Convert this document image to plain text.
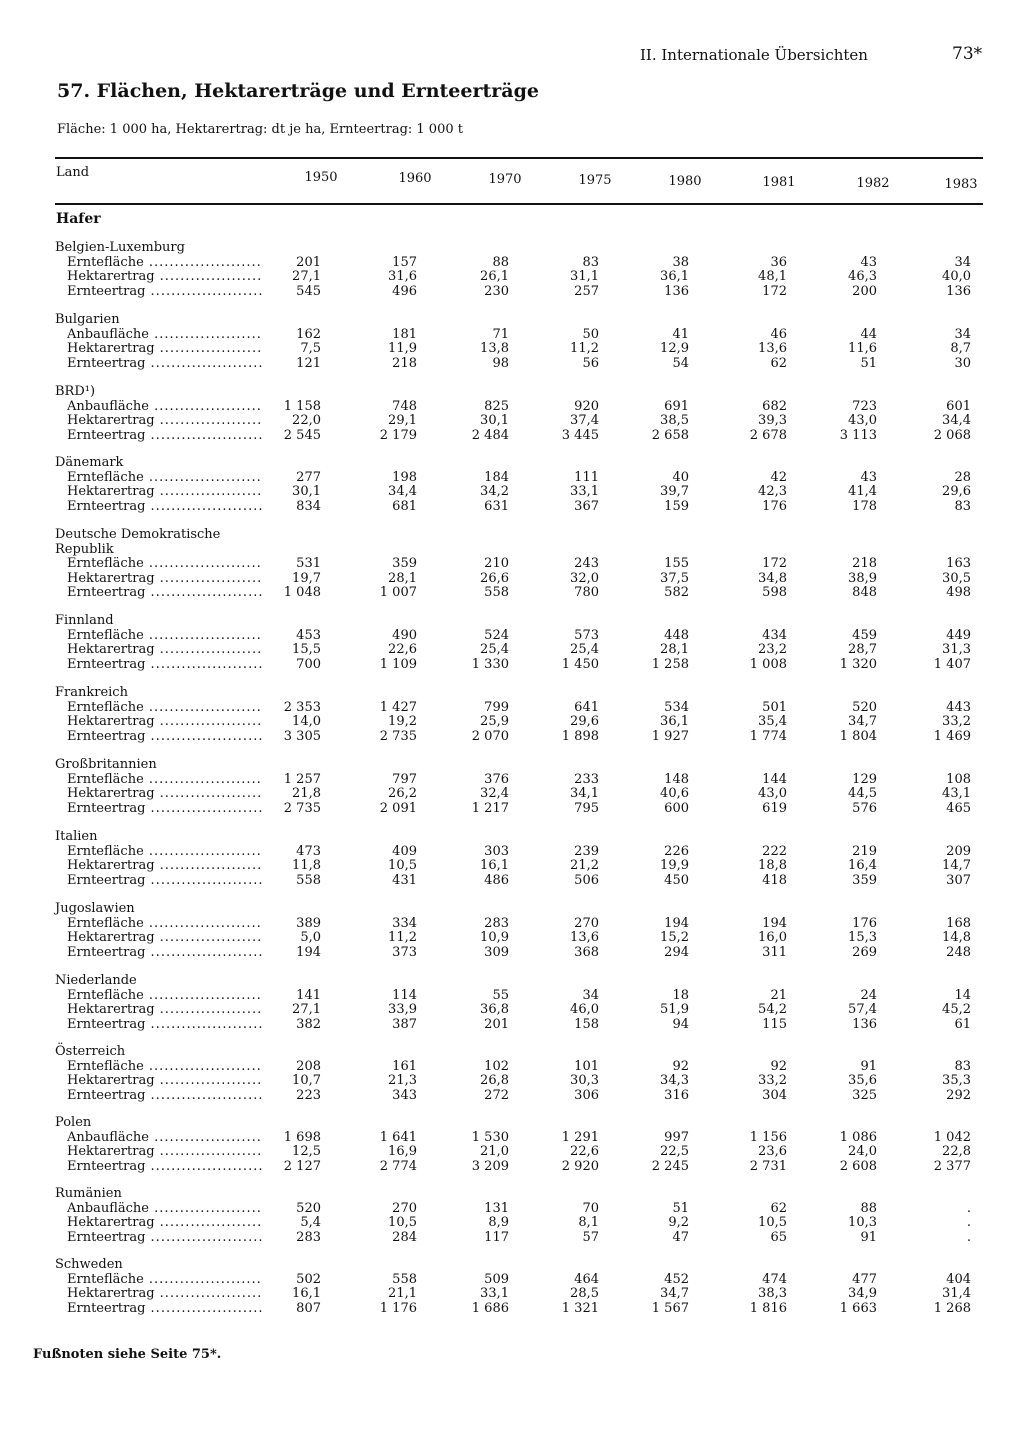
II. Internationale Übersichten	73*
57. Flächen, Hektarerträge und Ernteerträge
Fläche: 1 000 ha, Hektarertrag: dt je ha, Ernteertrag: 1 000 t
Land	1950	1960	1970	1975	1980	1981	1982	1983
Hafer
Belgien-Luxemburg
Erntefläche .....	201	157	88	83	38	36	43	34
Hektarertrag .....	27,1	31,6	26,1	31,1	36,1	48,1	46,3	40,0
Ernteertrag .....	545	496	230	257	136	172	200	136
Bulgarien
Anbaufläche .....	162	181	71	50	41	46	44	34
Hektarertrag .....	7,5	11,9	13,8	11,2	12,9	13,6	11,6	8,7
Ernteertrag .....	121	218	98	56	54	62	51	30
BRD¹)
Anbaufläche .....	1 158	748	825	920	691	682	723	601
Hektarertrag .....	22,0	29,1	30,1	37,4	38,5	39,3	43,0	34,4
Ernteertrag .....	2 545	2 179	2 484	3 445	2 658	2 678	3 113	2 068
Dänemark
Erntefläche .....	277	198	184	111	40	42	43	28
Hektarertrag .....	30,1	34,4	34,2	33,1	39,7	42,3	41,4	29,6
Ernteertrag .....	834	681	631	367	159	176	178	83
Deutsche Demokratische
Republik
Erntefläche .....	531	359	210	243	155	172	218	163
Hektarertrag .....	19,7	28,1	26,6	32,0	37,5	34,8	38,9	30,5
Ernteertrag .....	1 048	1 007	558	780	582	598	848	498
Finnland
Erntefläche .....	453	490	524	573	448	434	459	449
Hektarertrag .....	15,5	22,6	25,4	25,4	28,1	23,2	28,7	31,3
Ernteertrag .....	700	1 109	1 330	1 450	1 258	1 008	1 320	1 407
Frankreich
Erntefläche .....	2 353	1 427	799	641	534	501	520	443
Hektarertrag .....	14,0	19,2	25,9	29,6	36,1	35,4	34,7	33,2
Ernteertrag .....	3 305	2 735	2 070	1 898	1 927	1 774	1 804	1 469
Großbritannien
Erntefläche .....	1 257	797	376	233	148	144	129	108
Hektarertrag .....	21,8	26,2	32,4	34,1	40,6	43,0	44,5	43,1
Ernteertrag .....	2 735	2 091	1 217	795	600	619	576	465
Italien
Erntefläche .....	473	409	303	239	226	222	219	209
Hektarertrag .....	11,8	10,5	16,1	21,2	19,9	18,8	16,4	14,7
Ernteertrag .....	558	431	486	506	450	418	359	307
Jugoslawien
Erntefläche .....	389	334	283	270	194	194	176	168
Hektarertrag .....	5,0	11,2	10,9	13,6	15,2	16,0	15,3	14,8
Ernteertrag .....	194	373	309	368	294	311	269	248
Niederlande
Erntefläche .....	141	114	55	34	18	21	24	14
Hektarertrag .....	27,1	33,9	36,8	46,0	51,9	54,2	57,4	45,2
Ernteertrag .....	382	387	201	158	94	115	136	61
Österreich
Erntefläche .....	208	161	102	101	92	92	91	83
Hektarertrag .....	10,7	21,3	26,8	30,3	34,3	33,2	35,6	35,3
Ernteertrag .....	223	343	272	306	316	304	325	292
Polen
Anbaufläche .....	1 698	1 641	1 530	1 291	997	1 156	1 086	1 042
Hektarertrag .....	12,5	16,9	21,0	22,6	22,5	23,6	24,0	22,8
Ernteertrag .....	2 127	2 774	3 209	2 920	2 245	2 731	2 608	2 377
Rumänien
Anbaufläche .....	520	270	131	70	51	62	88	.
Hektarertrag .....	5,4	10,5	8,9	8,1	9,2	10,5	10,3	.
Ernteertrag .....	283	284	117	57	47	65	91	.
Schweden
Erntefläche .....	502	558	509	464	452	474	477	404
Hektarertrag .....	16,1	21,1	33,1	28,5	34,7	38,3	34,9	31,4
Ernteertrag .....	807	1 176	1 686	1 321	1 567	1 816	1 663	1 268
Fußnoten siehe Seite 75*.
